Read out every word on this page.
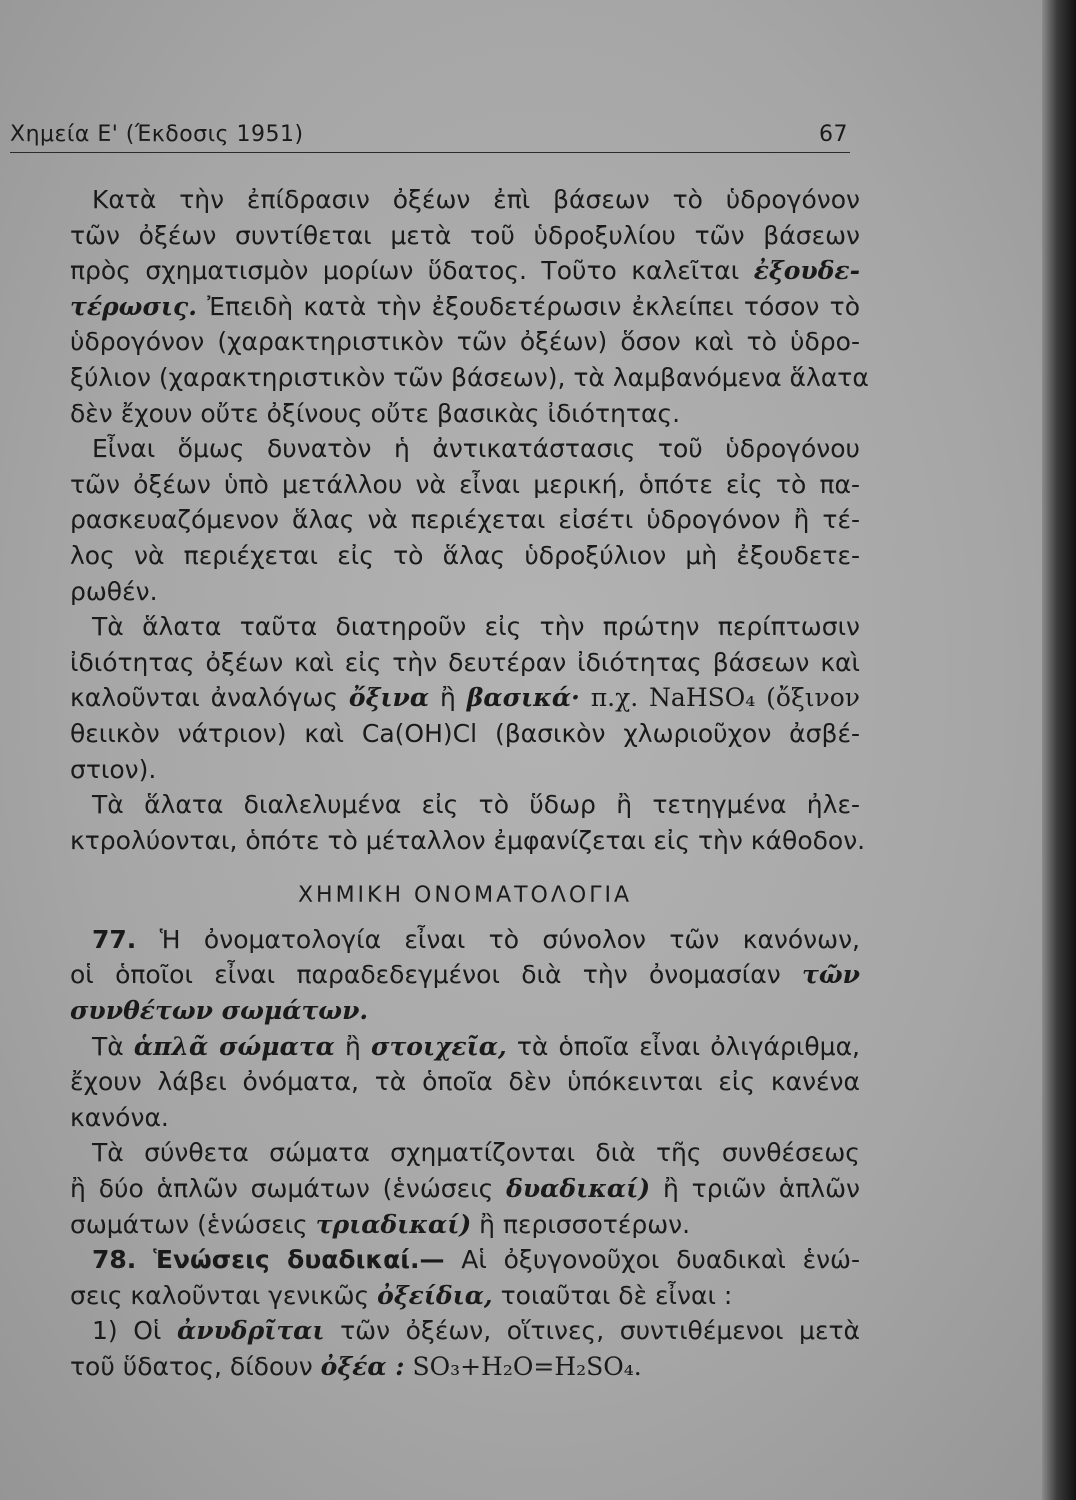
Χημεία Ε' (Έκδοσις 1951)	67
Κατὰ τὴν ἐπίδρασιν ὀξέων ἐπὶ βάσεων τὸ ὑδρογόνον
τῶν ὀξέων συντίθεται μετὰ τοῦ ὑδροξυλίου τῶν βάσεων
πρὸς σχηματισμὸν μορίων ὕδατος. Τοῦτο καλεῖται ἐξουδε-
τέρωσις. Ἐπειδὴ κατὰ τὴν ἐξουδετέρωσιν ἐκλείπει τόσον τὸ
ὑδρογόνον (χαρακτηριστικὸν τῶν ὀξέων) ὅσον καὶ τὸ ὑδρο-
ξύλιον (χαρακτηριστικὸν τῶν βάσεων), τὰ λαμβανόμενα ἅλατα
δὲν ἔχουν οὔτε ὀξίνους οὔτε βασικὰς ἰδιότητας.
Εἶναι ὅμως δυνατὸν ἡ ἀντικατάστασις τοῦ ὑδρογόνου
τῶν ὀξέων ὑπὸ μετάλλου νὰ εἶναι μερική, ὁπότε εἰς τὸ πα-
ρασκευαζόμενον ἅλας νὰ περιέχεται εἰσέτι ὑδρογόνον ἢ τέ-
λος νὰ περιέχεται εἰς τὸ ἅλας ὑδροξύλιον μὴ ἐξουδετε-
ρωθέν.
Τὰ ἅλατα ταῦτα διατηροῦν εἰς τὴν πρώτην περίπτωσιν
ἰδιότητας ὀξέων καὶ εἰς τὴν δευτέραν ἰδιότητας βάσεων καὶ
καλοῦνται ἀναλόγως ὄξινα ἢ βασικά· π.χ. NaHSO₄ (ὄξινον
θειικὸν νάτριον) καὶ Ca(OH)Cl (βασικὸν χλωριοῦχον ἀσβέ-
στιον).
Τὰ ἅλατα διαλελυμένα εἰς τὸ ὕδωρ ἢ τετηγμένα ἠλε-
κτρολύονται, ὁπότε τὸ μέταλλον ἐμφανίζεται εἰς τὴν κάθοδον.
ΧΗΜΙΚΗ ΟΝΟΜΑΤΟΛΟΓΙΑ
77. Ἡ ὀνοματολογία εἶναι τὸ σύνολον τῶν κανόνων,
οἱ ὁποῖοι εἶναι παραδεδεγμένοι διὰ τὴν ὀνομασίαν τῶν
συνθέτων σωμάτων.
Τὰ ἁπλᾶ σώματα ἢ στοιχεῖα, τὰ ὁποῖα εἶναι ὀλιγάριθμα,
ἔχουν λάβει ὀνόματα, τὰ ὁποῖα δὲν ὑπόκεινται εἰς κανένα
κανόνα.
Τὰ σύνθετα σώματα σχηματίζονται διὰ τῆς συνθέσεως
ἢ δύο ἁπλῶν σωμάτων (ἑνώσεις δυαδικαί) ἢ τριῶν ἁπλῶν
σωμάτων (ἑνώσεις τριαδικαί) ἢ περισσοτέρων.
78. Ἑνώσεις δυαδικαί.— Αἱ ὀξυγονοῦχοι δυαδικαὶ ἑνώ-
σεις καλοῦνται γενικῶς ὀξείδια, τοιαῦται δὲ εἶναι :
1) Οἱ ἀνυδρῖται τῶν ὀξέων, οἵτινες, συντιθέμενοι μετὰ
τοῦ ὕδατος, δίδουν ὀξέα : SO₃+H₂O=H₂SO₄.
